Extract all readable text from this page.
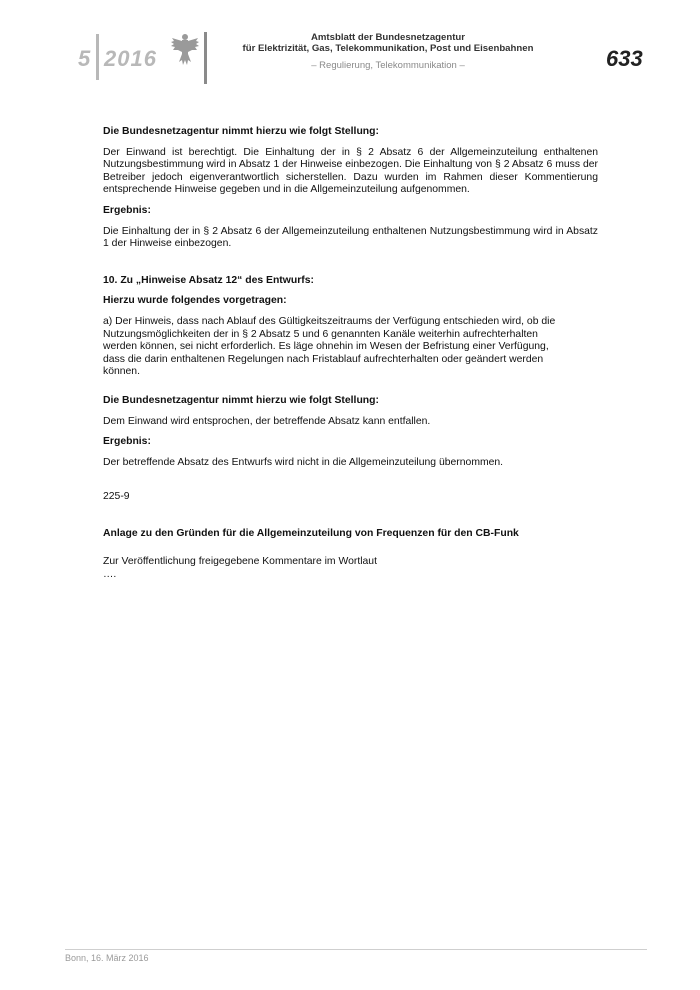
5 2016
Amtsblatt der Bundesnetzagentur
für Elektrizität, Gas, Telekommunikation, Post und Eisenbahnen
– Regulierung, Telekommunikation –	633

Die Bundesnetzagentur nimmt hierzu wie folgt Stellung:

Der Einwand ist berechtigt. Die Einhaltung der in § 2 Absatz 6 der Allgemeinzuteilung enthaltenen Nutzungsbestimmung wird in Absatz 1 der Hinweise einbezogen. Die Einhaltung von § 2 Absatz 6 muss der Betreiber jedoch eigenverantwortlich sicherstellen. Dazu wurden im Rahmen dieser Kommentierung entsprechende Hinweise gegeben und in die Allgemeinzuteilung aufgenommen.

Ergebnis:

Die Einhaltung der in § 2 Absatz 6 der Allgemeinzuteilung enthaltenen Nutzungsbestimmung wird in Absatz 1 der Hinweise einbezogen.

10. Zu „Hinweise Absatz 12“ des Entwurfs:

Hierzu wurde folgendes vorgetragen:

a) Der Hinweis, dass nach Ablauf des Gültigkeitszeitraums der Verfügung entschieden wird, ob die
Nutzungsmöglichkeiten der in § 2 Absatz 5 und 6 genannten Kanäle weiterhin aufrechterhalten
werden können, sei nicht erforderlich. Es läge ohnehin im Wesen der Befristung einer Verfügung,
dass die darin enthaltenen Regelungen nach Fristablauf aufrechterhalten oder geändert werden
können.

Die Bundesnetzagentur nimmt hierzu wie folgt Stellung:

Dem Einwand wird entsprochen, der betreffende Absatz kann entfallen.

Ergebnis:

Der betreffende Absatz des Entwurfs wird nicht in die Allgemeinzuteilung übernommen.

225-9

Anlage zu den Gründen für die Allgemeinzuteilung von Frequenzen für den CB-Funk

Zur Veröffentlichung freigegebene Kommentare im Wortlaut

….

Bonn, 16. März 2016
